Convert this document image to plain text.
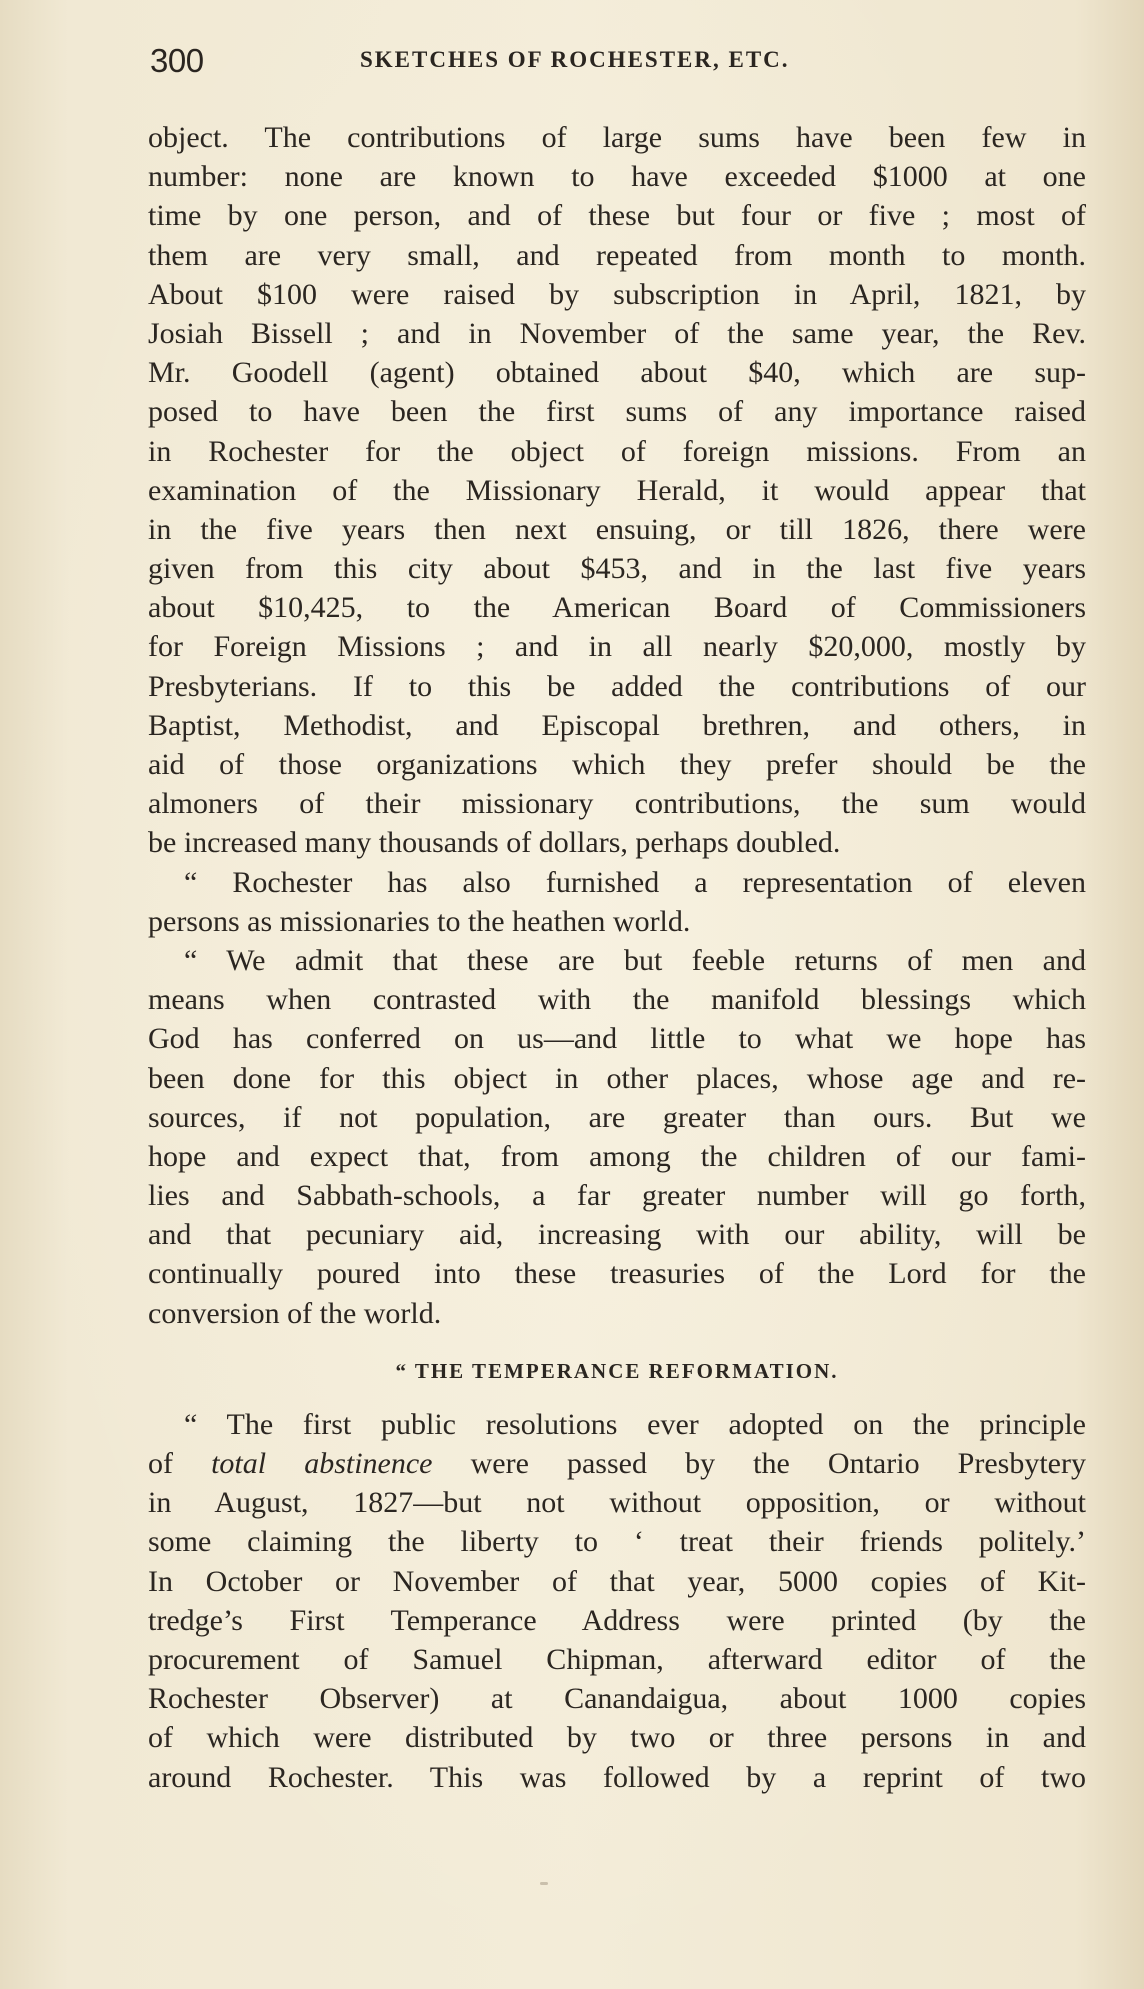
300	SKETCHES OF ROCHESTER, ETC.
object. The contributions of large sums have been few in
number: none are known to have exceeded $1000 at one
time by one person, and of these but four or five ; most of
them are very small, and repeated from month to month.
About $100 were raised by subscription in April, 1821, by
Josiah Bissell ; and in November of the same year, the Rev.
Mr. Goodell (agent) obtained about $40, which are sup-
posed to have been the first sums of any importance raised
in Rochester for the object of foreign missions. From an
examination of the Missionary Herald, it would appear that
in the five years then next ensuing, or till 1826, there were
given from this city about $453, and in the last five years
about $10,425, to the American Board of Commissioners
for Foreign Missions ; and in all nearly $20,000, mostly by
Presbyterians. If to this be added the contributions of our
Baptist, Methodist, and Episcopal brethren, and others, in
aid of those organizations which they prefer should be the
almoners of their missionary contributions, the sum would
be increased many thousands of dollars, perhaps doubled.
“ Rochester has also furnished a representation of eleven
persons as missionaries to the heathen world.
“ We admit that these are but feeble returns of men and
means when contrasted with the manifold blessings which
God has conferred on us—and little to what we hope has
been done for this object in other places, whose age and re-
sources, if not population, are greater than ours. But we
hope and expect that, from among the children of our fami-
lies and Sabbath-schools, a far greater number will go forth,
and that pecuniary aid, increasing with our ability, will be
continually poured into these treasuries of the Lord for the
conversion of the world.
“ THE TEMPERANCE REFORMATION.
“ The first public resolutions ever adopted on the principle
of total abstinence were passed by the Ontario Presbytery
in August, 1827—but not without opposition, or without
some claiming the liberty to ‘ treat their friends politely.’
In October or November of that year, 5000 copies of Kit-
tredge’s First Temperance Address were printed (by the
procurement of Samuel Chipman, afterward editor of the
Rochester Observer) at Canandaigua, about 1000 copies
of which were distributed by two or three persons in and
around Rochester. This was followed by a reprint of two
